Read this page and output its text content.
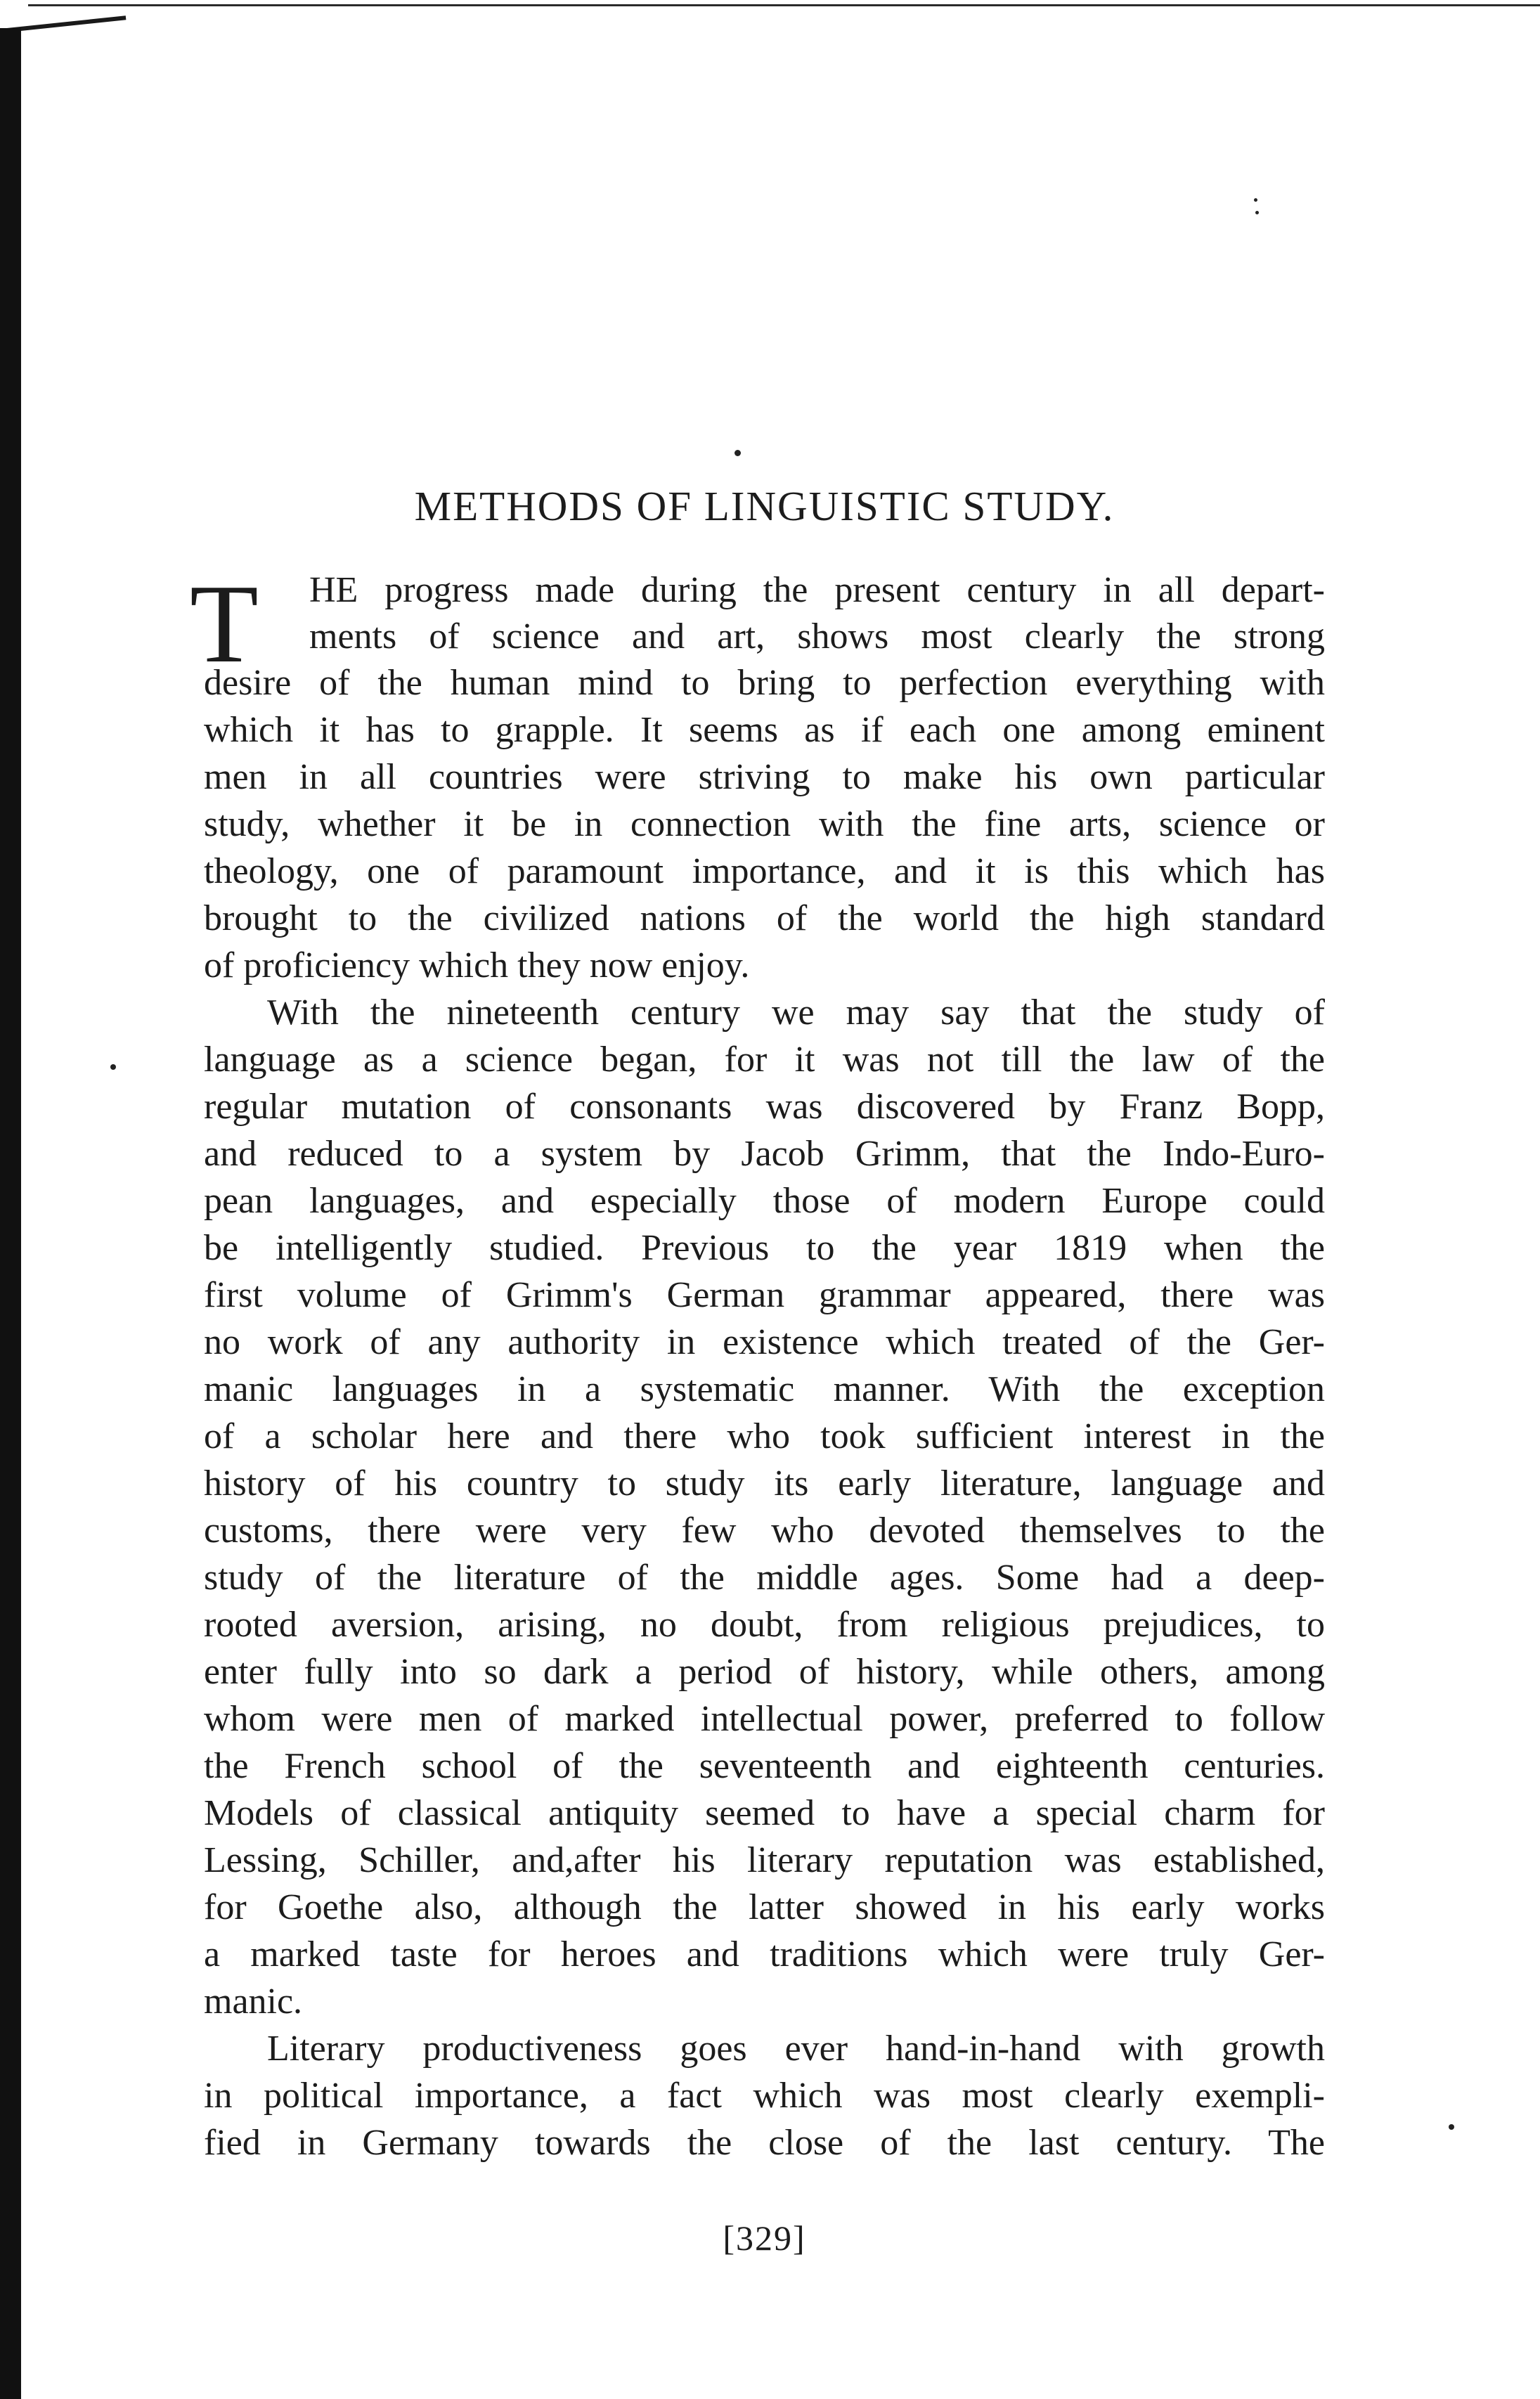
METHODS OF LINGUISTIC STUDY.
T	HE progress made during the present century in all depart-
ments of science and art, shows most clearly the strong
desire of the human mind to bring to perfection everything with
which it has to grapple. It seems as if each one among eminent
men in all countries were striving to make his own particular
study, whether it be in connection with the fine arts, science or
theology, one of paramount importance, and it is this which has
brought to the civilized nations of the world the high standard
of proficiency which they now enjoy.
With the nineteenth century we may say that the study of
language as a science began, for it was not till the law of the
regular mutation of consonants was discovered by Franz Bopp,
and reduced to a system by Jacob Grimm, that the Indo-Euro-
pean languages, and especially those of modern Europe could
be intelligently studied. Previous to the year 1819 when the
first volume of Grimm's German grammar appeared, there was
no work of any authority in existence which treated of the Ger-
manic languages in a systematic manner. With the exception
of a scholar here and there who took sufficient interest in the
history of his country to study its early literature, language and
customs, there were very few who devoted themselves to the
study of the literature of the middle ages. Some had a deep-
rooted aversion, arising, no doubt, from religious prejudices, to
enter fully into so dark a period of history, while others, among
whom were men of marked intellectual power, preferred to follow
the French school of the seventeenth and eighteenth centuries.
Models of classical antiquity seemed to have a special charm for
Lessing, Schiller, and,after his literary reputation was established,
for Goethe also, although the latter showed in his early works
a marked taste for heroes and traditions which were truly Ger-
manic.
Literary productiveness goes ever hand-in-hand with growth
in political importance, a fact which was most clearly exempli-
fied in Germany towards the close of the last century. The
[329]
